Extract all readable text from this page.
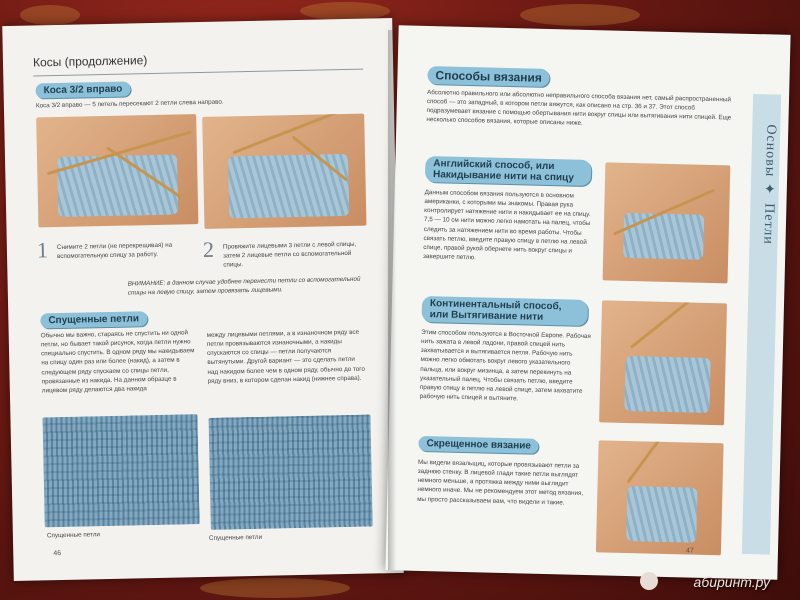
Косы (продолжение)
Коса 3/2 вправо
Коса 3/2 вправо — 5 петель пересекают 2 петли слева направо.
1 Снимите 2 петли (не перекрещивая) на вспомогательную спицу за работу.	2 Провяжите лицевыми 3 петли с левой спицы, затем 2 лицевые петли со вспомогательной спицы.
ВНИМАНИЕ: в данном случае удобнее перенести петли со вспомогательной спицы на левую спицу, затем провязать лицевыми.
Спущенные петли
Обычно мы важно, стараясь не спустить ни одной петли, но бывает такой рисунок, когда петли нужно специально спустить. В одном ряду мы накидываем на спицу один раз или более (накид), а затем в следующем ряду спускаем со спицы петли, провязанные из накида. На данном образце в лицевом ряду делаются два накида
между лицевыми петлями, а в изнаночном ряду все петли провязываются изнаночными, а накиды спускаются со спицы — петли получаются вытянутыми. Другой вариант — это сделать петли над накидом более чем в одном ряду, обычно до того ряду вниз, в котором сделан накид (нижнее справа).
Спущенные петли	Спущенные петли
46
Основы ✦ Петли
Способы вязания
Абсолютно правильного или абсолютно неправильного способа вязания нет, самый распространенный способ — это западный, в котором петли вяжутся, как описано на стр. 36 и 37. Этот способ подразумевает вязание с помощью обертывания нити вокруг спицы или вытягивания нити спицей. Еще несколько способов вязания, которые описаны ниже.
Английский способ, или Накидывание нити на спицу
Данным способом вязания пользуются в основном американки, с которыми мы знакомы. Правая рука контролирует натяжение нити и накидывает ее на спицу. 7,5 — 10 см нити можно легко намотать на палец, чтобы следить за натяжением нити во время работы. Чтобы связать петлю, введите правую спицу в петлю на левой спице, правой рукой обернете нить вокруг спицы и завершите петлю.
Континентальный способ, или Вытягивание нити
Этим способом пользуются в Восточной Европе. Рабочая нить зажата в левой ладони, правой спицей нить захватывается и вытягивается петля. Рабочую нить можно легко обмотать вокруг левого указательного пальца, или вокруг мизинца, а затем перекинуть на указательный палец. Чтобы связать петлю, введите правую спицу в петлю на левой спице, затем захватите рабочую нить спицей и вытяните.
Скрещенное вязание
Мы видели вязальщиц, которые провязывают петли за заднюю стенку. В лицевой глади такие петли выглядят немного меньше, а протяжка между ними выглядит немного иначе. Мы не рекомендуем этот метод вязания, мы просто рассказываем вам, что видели и такие.
47
абиринт.ру
